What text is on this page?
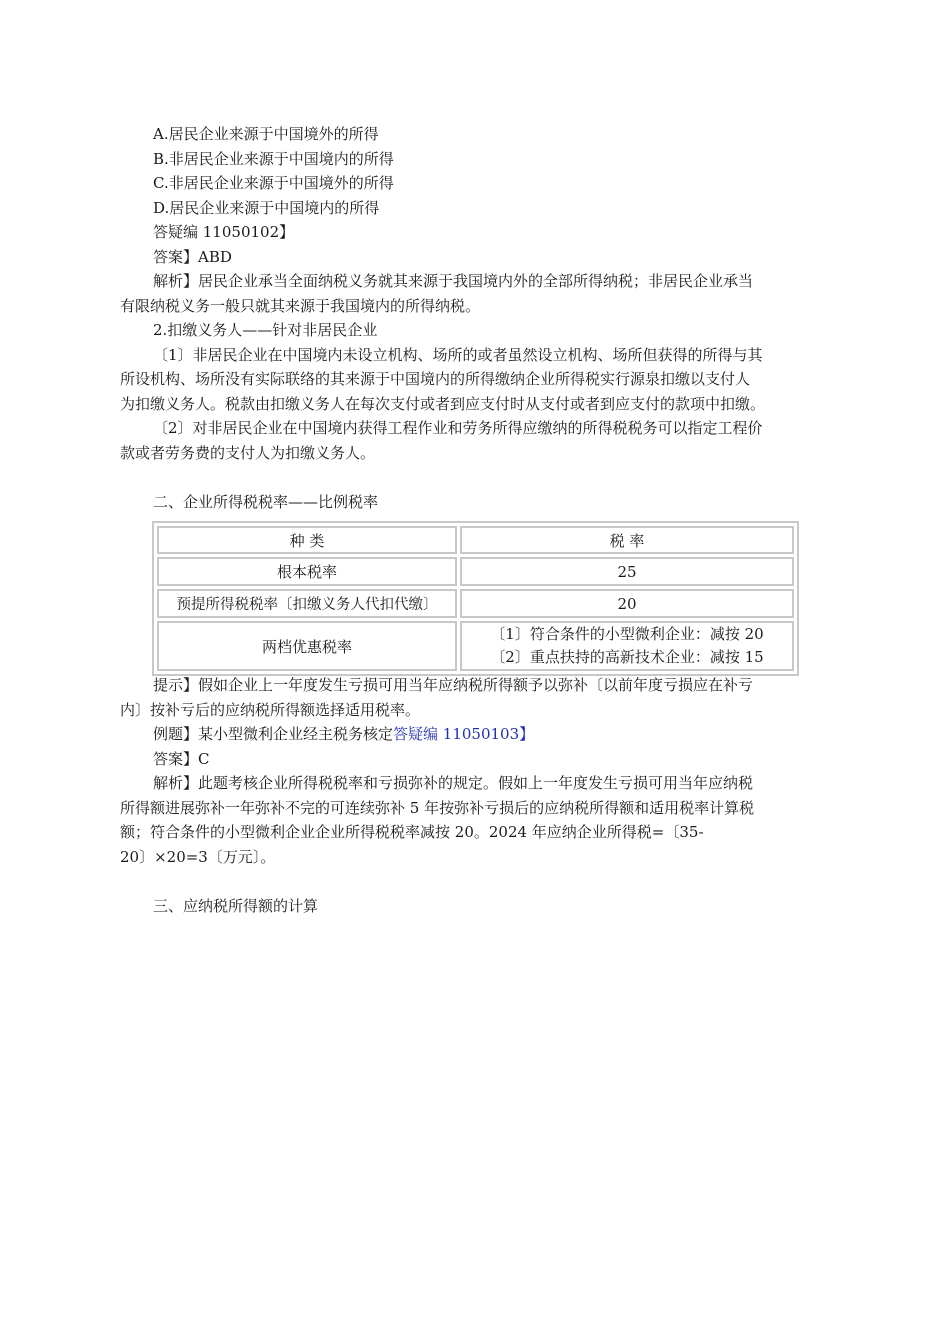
A.居民企业来源于中国境外的所得

B.非居民企业来源于中国境内的所得

C.非居民企业来源于中国境外的所得

D.居民企业来源于中国境内的所得

答疑编 11050102】

答案】ABD

解析】居民企业承当全面纳税义务就其来源于我国境内外的全部所得纳税；非居民企业承当

有限纳税义务一般只就其来源于我国境内的所得纳税。

2.扣缴义务人——针对非居民企业

〔1〕非居民企业在中国境内未设立机构、场所的或者虽然设立机构、场所但获得的所得与其

所设机构、场所没有实际联络的其来源于中国境内的所得缴纳企业所得税实行源泉扣缴以支付人

为扣缴义务人。税款由扣缴义务人在每次支付或者到应支付时从支付或者到应支付的款项中扣缴。

〔2〕对非居民企业在中国境内获得工程作业和劳务所得应缴纳的所得税税务可以指定工程价

款或者劳务费的支付人为扣缴义务人。

二、企业所得税税率——比例税率

种 类	税 率
根本税率	25
预提所得税税率〔扣缴义务人代扣代缴〕	20
两档优惠税率	〔1〕符合条件的小型微利企业：减按 20
〔2〕重点扶持的高新技术企业：减按 15

提示】假如企业上一年度发生亏损可用当年应纳税所得额予以弥补〔以前年度亏损应在补亏

内〕按补亏后的应纳税所得额选择适用税率。

例题】某小型微利企业经主税务核定答疑编 11050103】

答案】C

解析】此题考核企业所得税税率和亏损弥补的规定。假如上一年度发生亏损可用当年应纳税

所得额进展弥补一年弥补不完的可连续弥补 5 年按弥补亏损后的应纳税所得额和适用税率计算税

额；符合条件的小型微利企业企业所得税税率减按 20。2024 年应纳企业所得税=〔35-

20〕×20=3〔万元〕。

三、应纳税所得额的计算
